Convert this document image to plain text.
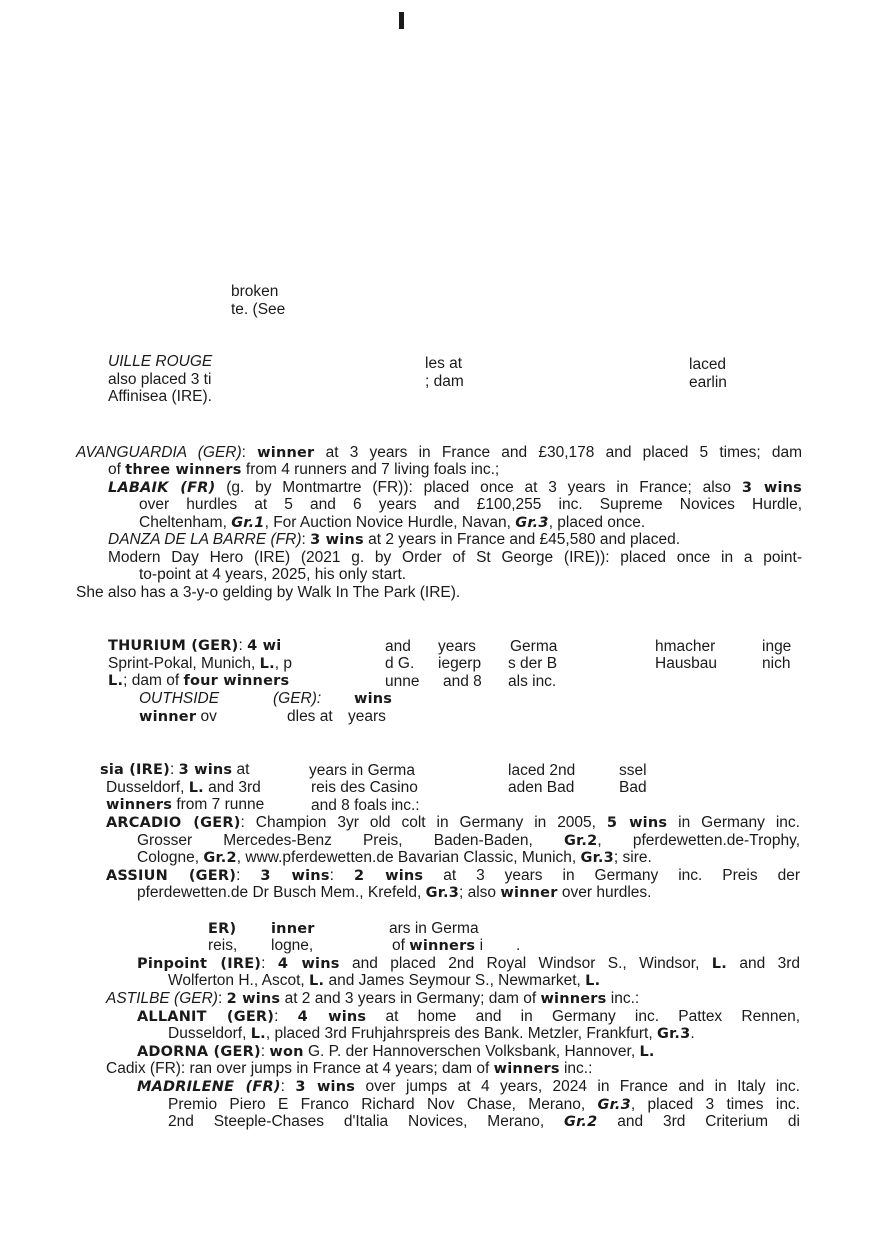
broken

te. (See

UILLE ROUGE

also placed 3 ti

Affinisea (IRE).

les at

; dam

laced

earlin

AVANGUARDIA (GER): winner at 3 years in France and £30,178 and placed 5 times; dam

of three winners from 4 runners and 7 living foals inc.;

LABAIK (FR) (g. by Montmartre (FR)): placed once at 3 years in France; also 3 wins

over hurdles at 5 and 6 years and £100,255 inc. Supreme Novices Hurdle,

Cheltenham, Gr.1, For Auction Novice Hurdle, Navan, Gr.3, placed once.

DANZA DE LA BARRE (FR): 3 wins at 2 years in France and £45,580 and placed.

Modern Day Hero (IRE) (2021 g. by Order of St George (IRE)): placed once in a point-

to-point at 4 years, 2025, his only start.

She also has a 3-y-o gelding by Walk In The Park (IRE).

THURIUM (GER): 4 wi

Sprint-Pokal, Munich, L., p

L.; dam of four winners

and

d G.

unne

years

iegerp

and 8

Germa

s der B

als inc.

hmacher

Hausbau

inge

nich

OUTHSIDE	(GER): wins

winner ov	dles at years

sia (IRE): 3 wins at

Dusseldorf, L. and 3rd

winners from 7 runne

years in Germa

reis des Casino

and 8 foals inc.:

laced 2nd

aden Bad

ssel

Bad

ARCADIO (GER): Champion 3yr old colt in Germany in 2005, 5 wins in Germany inc.

Grosser Mercedes-Benz Preis, Baden-Baden, Gr.2, pferdewetten.de-Trophy,

Cologne, Gr.2, www.pferdewetten.de Bavarian Classic, Munich, Gr.3; sire.

ASSIUN (GER): 3 wins: 2 wins at 3 years in Germany inc. Preis der

pferdewetten.de Dr Busch Mem., Krefeld, Gr.3; also winner over hurdles.

ER)

reis,

inner

logne,

ars in Germa

of winners i .

Pinpoint (IRE): 4 wins and placed 2nd Royal Windsor S., Windsor, L. and 3rd

Wolferton H., Ascot, L. and James Seymour S., Newmarket, L.

ASTILBE (GER): 2 wins at 2 and 3 years in Germany; dam of winners inc.:

ALLANIT (GER): 4 wins at home and in Germany inc. Pattex Rennen,

Dusseldorf, L., placed 3rd Fruhjahrspreis des Bank. Metzler, Frankfurt, Gr.3.

ADORNA (GER): won G. P. der Hannoverschen Volksbank, Hannover, L.

Cadix (FR): ran over jumps in France at 4 years; dam of winners inc.:

MADRILENE (FR): 3 wins over jumps at 4 years, 2024 in France and in Italy inc.

Premio Piero E Franco Richard Nov Chase, Merano, Gr.3, placed 3 times inc.

2nd Steeple-Chases d'Italia Novices, Merano, Gr.2 and 3rd Criterium di
